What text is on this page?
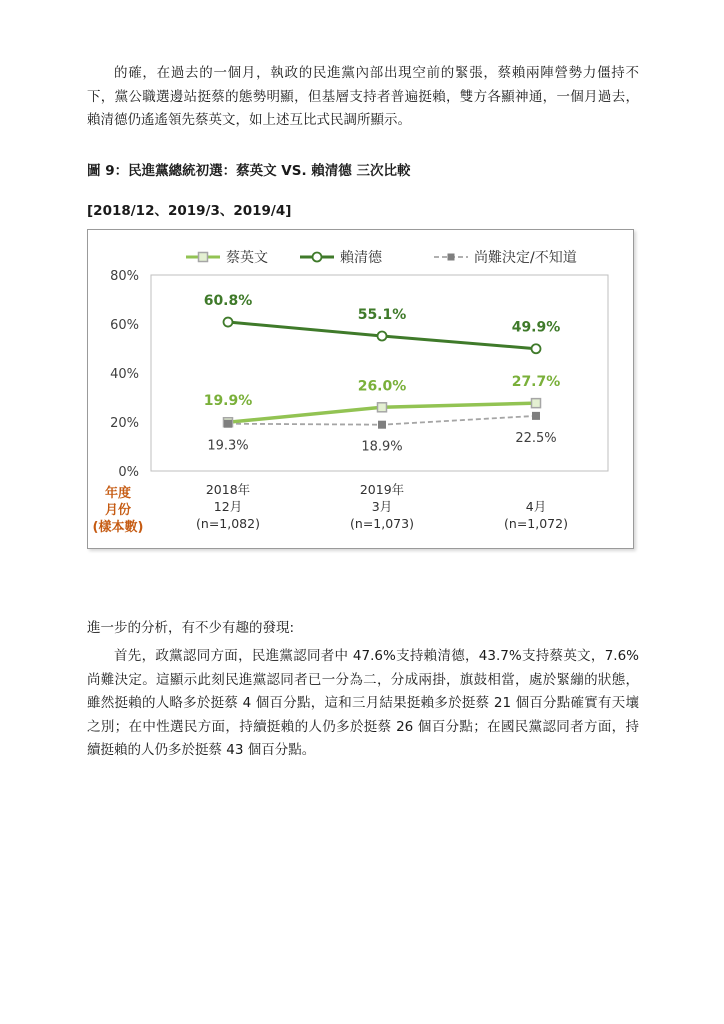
的確，在過去的一個月，執政的民進黨內部出現空前的緊張，蔡賴兩陣營勢力僵持不下，黨公職選邊站挺蔡的態勢明顯，但基層支持者普遍挺賴，雙方各顯神通，一個月過去，賴清德仍遙遙領先蔡英文，如上述互比式民調所顯示。

圖 9：民進黨總統初選：蔡英文 VS. 賴清德 三次比較

[2018/12、2019/3、2019/4]

0%
20%
40%
60%
80%
年度
月份
(樣本數)
2018年
12月
(n=1,082)
2019年
3月
(n=1,073)
4月
(n=1,072)
60.8%
55.1%
49.9%
19.9%
26.0%	27.7%
19.3%	18.9%
22.5%
蔡英文	賴清德	尚難決定/不知道

進一步的分析，有不少有趣的發現:

首先，政黨認同方面，民進黨認同者中 47.6%支持賴清德，43.7%支持蔡英文，7.6%尚難決定。這顯示此刻民進黨認同者已一分為二，分成兩掛，旗鼓相當，處於緊繃的狀態，雖然挺賴的人略多於挺蔡 4 個百分點，這和三月結果挺賴多於挺蔡 21 個百分點確實有天壤之別；在中性選民方面，持續挺賴的人仍多於挺蔡 26 個百分點；在國民黨認同者方面，持續挺賴的人仍多於挺蔡 43 個百分點。
